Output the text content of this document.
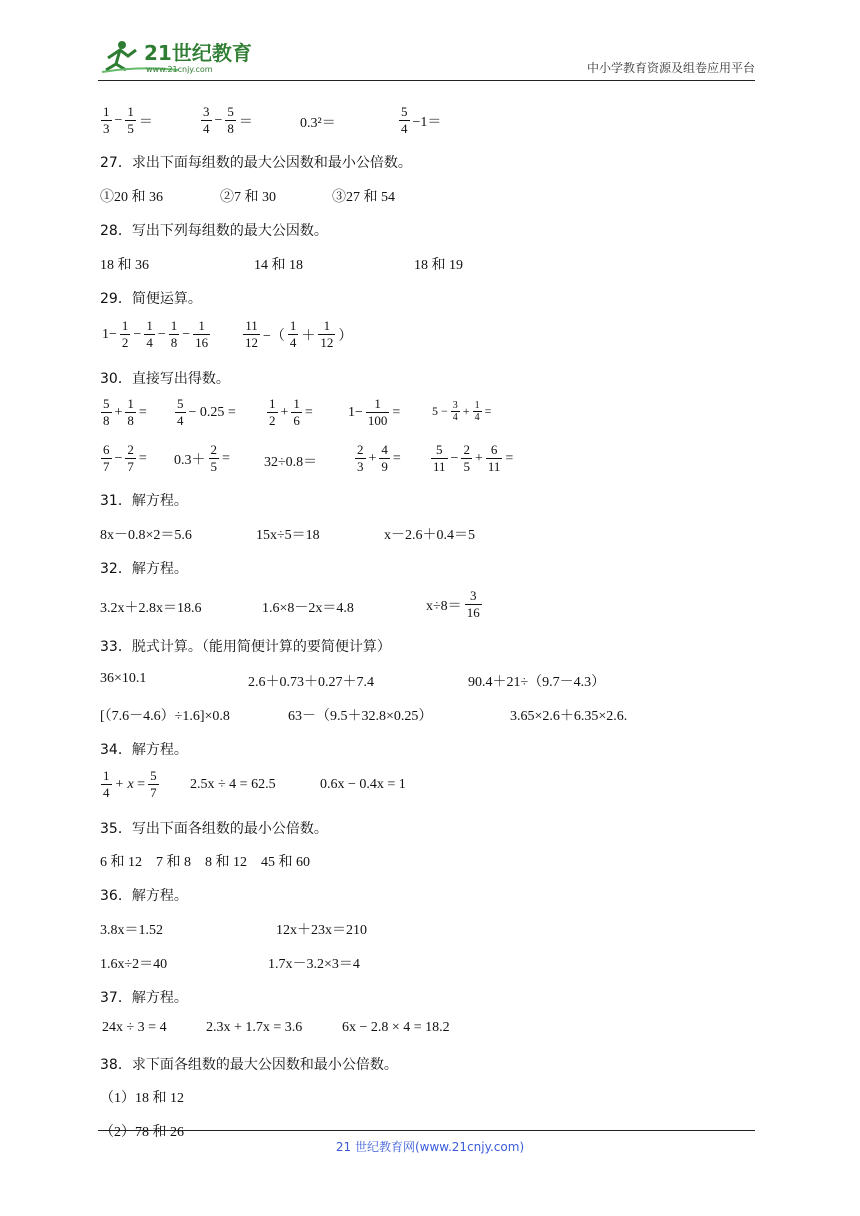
21世纪教育
www.21cnjy.com	中小学教育资源及组卷应用平台
$\frac{1}{3} - \frac{1}{5}$ ＝	$\frac{3}{4} - \frac{5}{8}$ ＝	0.3²＝	$\frac{5}{4} -1=$
27．求出下面每组数的最大公因数和最小公倍数。
①20 和 36	②7 和 30	③27 和 54
28．写出下列每组数的最大公因数。
18 和 36	14 和 18	18 和 19
29．简便运算。
$1- \frac{1}{2} - \frac{1}{4} - \frac{1}{8} - \frac{1}{16}$	$\frac{11}{12}$ −（ $\frac{1}{4} + \frac{1}{12}$ ）
30．直接写出得数。
$\frac{5}{8} + \frac{1}{8} = \frac{5}{4} - 0.25 = \frac{1}{2} + \frac{1}{6}$ =	$1- \frac{1}{100}$ =	$5 - \frac{3}{4} + \frac{1}{4}$ =
$\frac{6}{7} - \frac{2}{7} = 0.3+ \frac{2}{5} = 32\div 0.8=$	$\frac{2}{3} + \frac{4}{9} = \frac{5}{11} - \frac{2}{5} + \frac{6}{11}$ =
31．解方程。
8x－0.8×2＝5.6	15x÷5＝18	x－2.6＋0.4＝5
32．解方程。
3.2x＋2.8x＝18.6	1.6×8－2x＝4.8	$x\div 8= \frac{3}{16}$
33．脱式计算。（能用简便计算的要简便计算）
36×10.1	2.6＋0.73＋0.27＋7.4	90.4＋21÷（9.7－4.3）
[（7.6－4.6）÷1.6]×0.8	63－（9.5＋32.8×0.25）	3.65×2.6＋6.35×2.6.
34．解方程。
$\frac{1}{4} + x = \frac{5}{7} 2.5x \div 4 = 62.5$	0.6x − 0.4x = 1
35．写出下面各组数的最小公倍数。
6 和 12　7 和 8　8 和 12　45 和 60
36．解方程。
3.8x＝1.52	12x＋23x＝210
1.6x÷2＝40	1.7x－3.2×3＝4
37．解方程。
24x ÷ 3 = 4	2.3x + 1.7x = 3.6	6x − 2.8 × 4 = 18.2
38．求下面各组数的最大公因数和最小公倍数。
（1）18 和 12
（2）78 和 26
21 世纪教育网(www.21cnjy.com)
